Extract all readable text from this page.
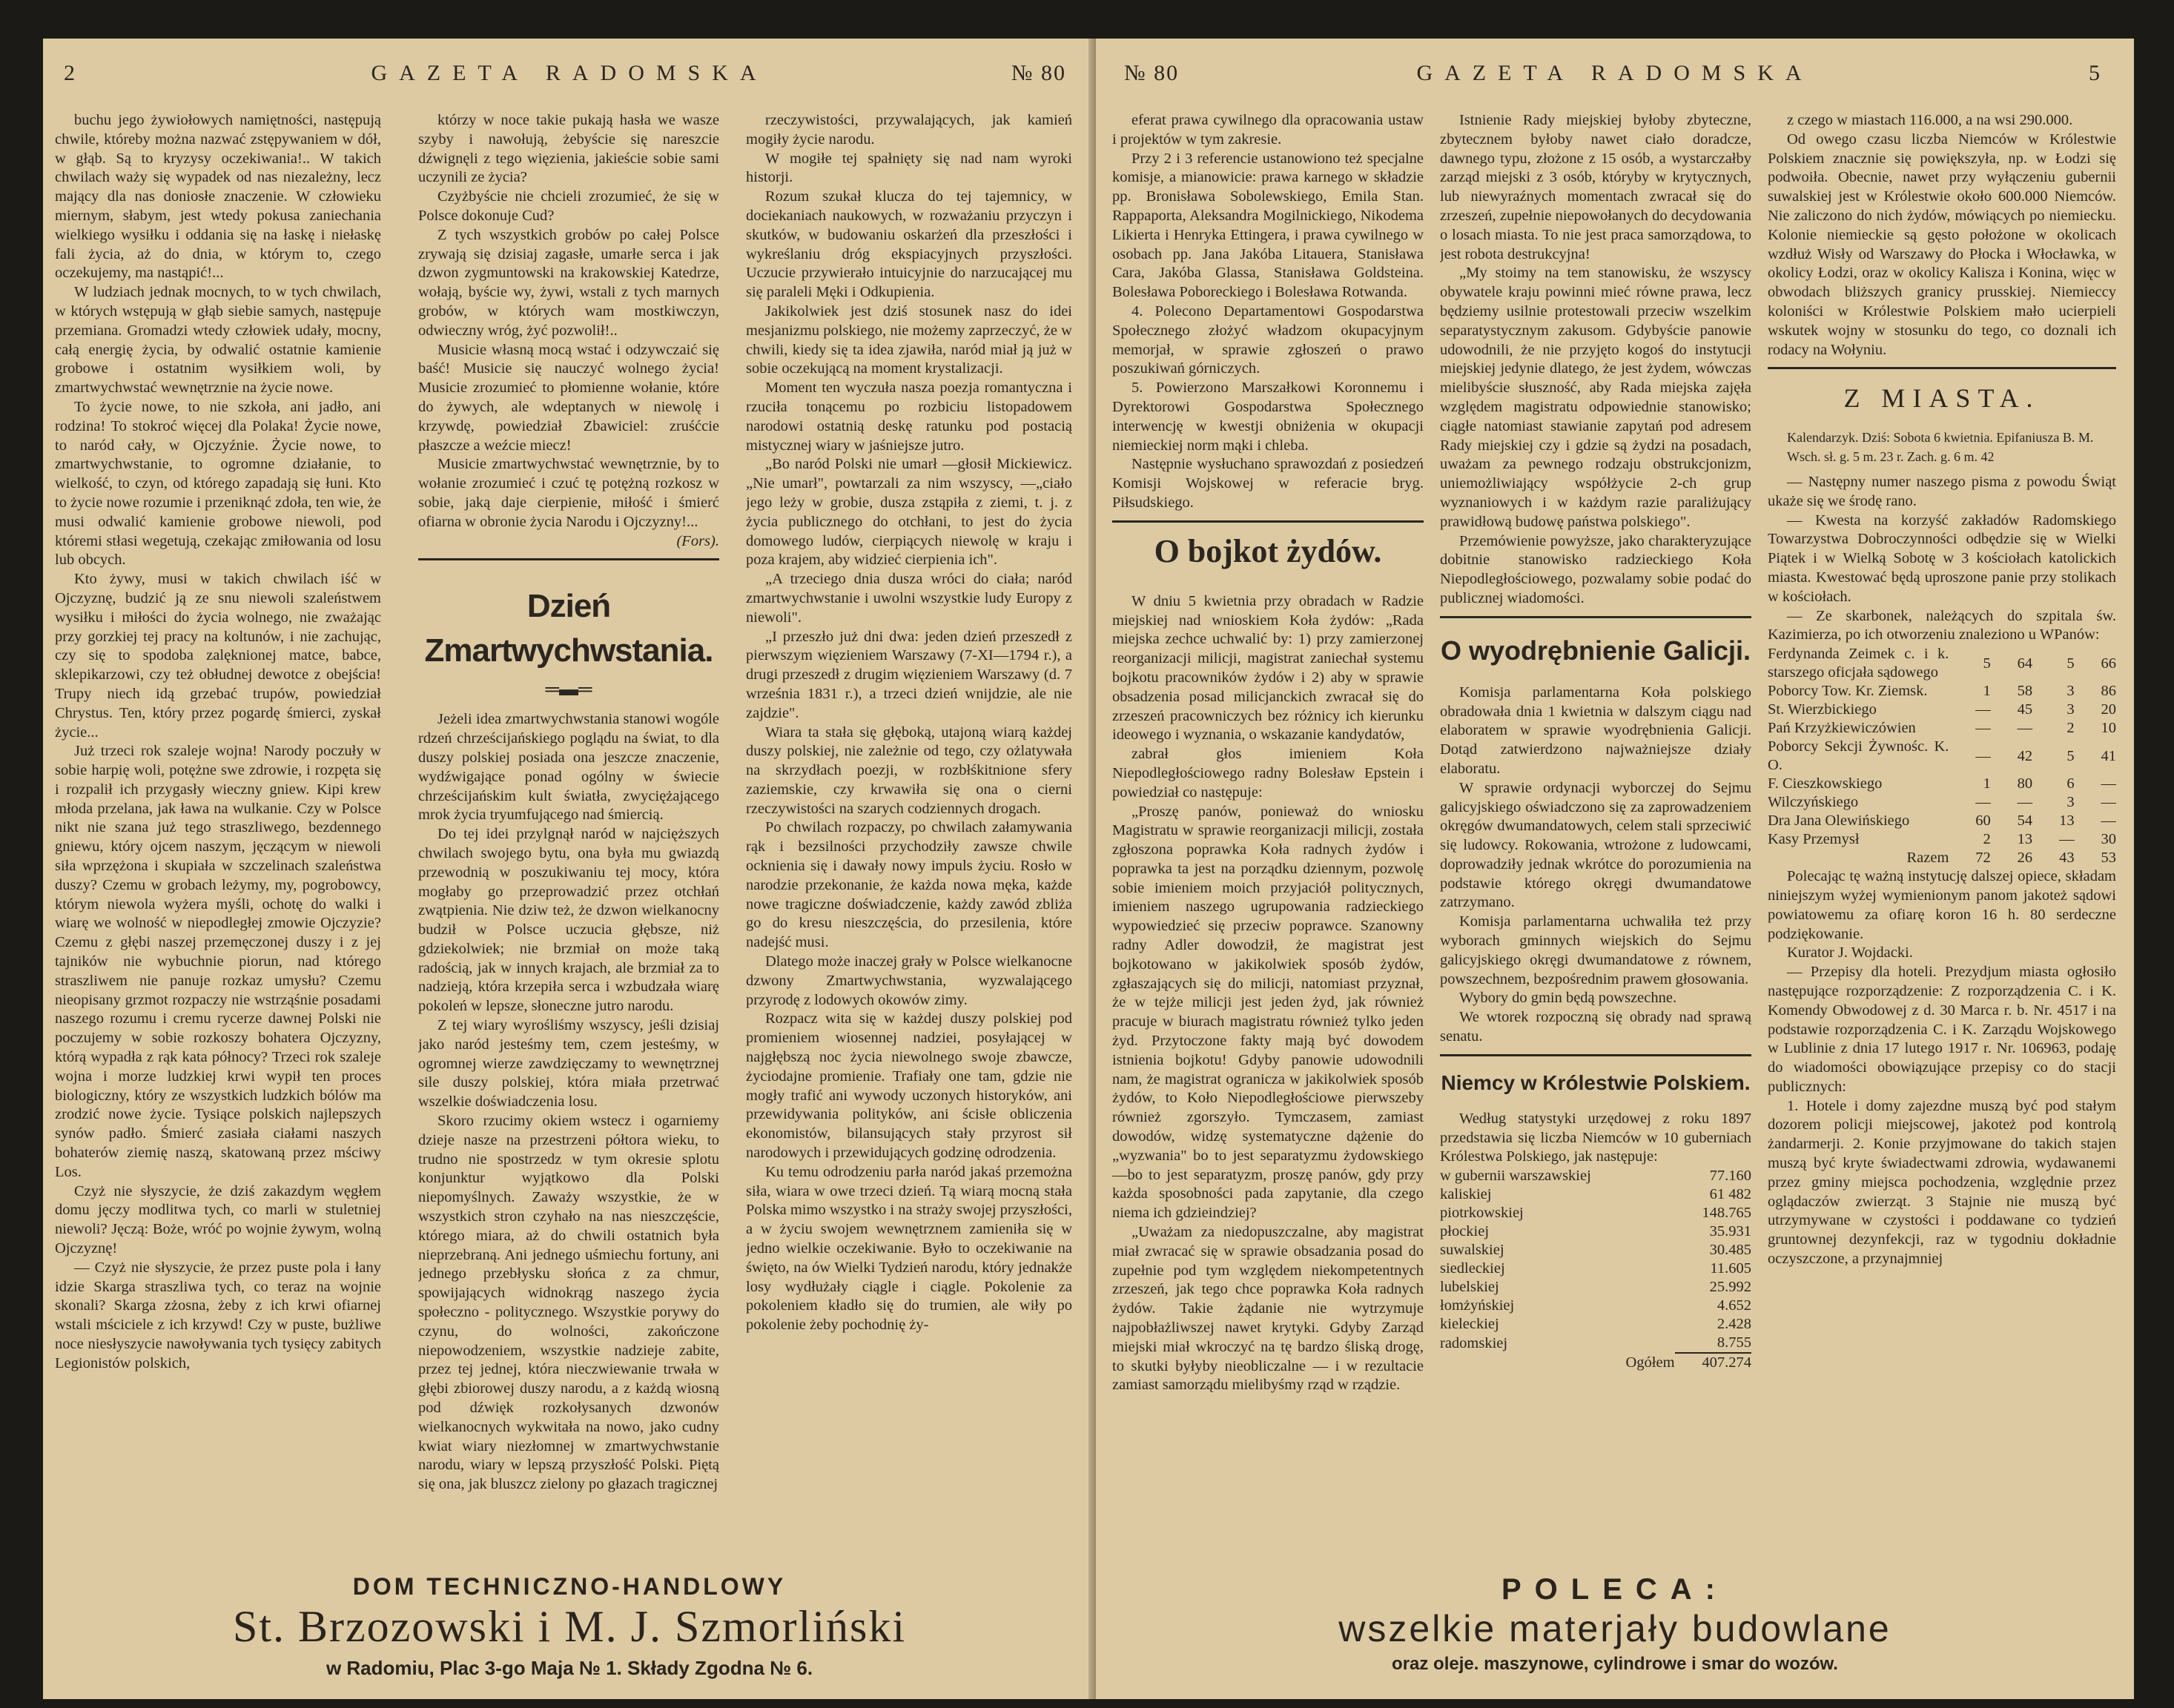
2	GAZETA RADOMSKA	№ 80

buchu jego żywiołowych namiętności, następują chwile, któreby można nazwać zstępywaniem w dół, w głąb. Są to kryzysy oczekiwania!.. W takich chwilach waży się wypadek od nas niezależny, lecz mający dla nas doniosłe znaczenie. W człowieku miernym, słabym, jest wtedy pokusa zaniechania wielkiego wysiłku i oddania się na łaskę i niełaskę fali życia, aż do dnia, w którym to, czego oczekujemy, ma nastąpić!...

W ludziach jednak mocnych, to w tych chwilach, w których wstępują w głąb siebie samych, następuje przemiana. Gromadzi wtedy człowiek udały, mocny, całą energię życia, by odwalić ostatnie kamienie grobowe i ostatnim wysiłkiem woli, by zmartwychwstać wewnętrznie na życie nowe.

To życie nowe, to nie szkoła, ani jadło, ani rodzina! To stokroć więcej dla Polaka! Życie nowe, to naród cały, w Ojczyźnie. Życie nowe, to zmartwychwstanie, to ogromne działanie, to wielkość, to czyn, od którego zapadają się łuni. Kto to życie nowe rozumie i przeniknąć zdoła, ten wie, że musi odwalić kamienie grobowe niewoli, pod któremi stłasi wegetują, czekając zmiłowania od losu lub obcych.

Kto żywy, musi w takich chwilach iść w Ojczyznę, budzić ją ze snu niewoli szaleństwem wysiłku i miłości do życia wolnego, nie zważając przy gorzkiej tej pracy na koltunów, i nie zachując, czy się to spodoba zalęknionej matce, babce, sklepikarzowi, czy też obłudnej dewotce z obejścia! Trupy niech idą grzebać trupów, powiedział Chrystus. Ten, który przez pogardę śmierci, zyskał życie...

Już trzeci rok szaleje wojna! Narody poczuły w sobie harpię woli, potężne swe zdrowie, i rozpęta się i rozpalił ich przygasły wieczny gniew. Kipi krew młoda przelana, jak ława na wulkanie. Czy w Polsce nikt nie szana już tego straszliwego, bezdennego gniewu, który ojcem naszym, jęczącym w niewoli siła wprzężona i skupiała w szczelinach szaleństwa duszy? Czemu w grobach leżymy, my, pogrobowcy, którym niewola wyżera myśli, ochotę do walki i wiarę we wolność w niepodległej zmowie Ojczyzie? Czemu z głębi naszej przemęczonej duszy i z jej tajników nie wybuchnie piorun, nad którego straszliwem nie panuje rozkaz umysłu? Czemu nieopisany grzmot rozpaczy nie wstrząśnie posadami naszego rozumu i cremu rycerze dawnej Polski nie poczujemy w sobie rozkoszy bohatera Ojczyzny, którą wypadła z rąk kata północy? Trzeci rok szaleje wojna i morze ludzkiej krwi wypił ten proces biologiczny, który ze wszystkich ludzkich bólów ma zrodzić nowe życie. Tysiące polskich najlepszych synów padło. Śmierć zasiała ciałami naszych bohaterów ziemię naszą, skatowaną przez mściwy Los.

Czyż nie słyszycie, że dziś zakazdym węgłem domu jęczy modlitwa tych, co marli w stuletniej niewoli? Jęczą: Boże, wróć po wojnie żywym, wolną Ojczyznę!

— Czyż nie słyszycie, że przez puste pola i łany idzie Skarga straszliwa tych, co teraz na wojnie skonali? Skarga zżosna, żeby z ich krwi ofiarnej wstali mściciele z ich krzywd! Czy w puste, bużliwe noce niesłyszycie nawoływania tych tysięcy zabitych Legionistów polskich,

którzy w noce takie pukają hasła we wasze szyby i nawołują, żebyście się nareszcie dźwignęli z tego więzienia, jakieście sobie sami uczynili ze życia?

Czyżbyście nie chcieli zrozumieć, że się w Polsce dokonuje Cud?

Z tych wszystkich grobów po całej Polsce zrywają się dzisiaj zagasłe, umarłe serca i jak dzwon zygmuntowski na krakowskiej Katedrze, wołają, byście wy, żywi, wstali z tych marnych grobów, w których wam mostkiwczyn, odwieczny wróg, żyć pozwolił!..

Musicie własną mocą wstać i odzywczaić się baść! Musicie się nauczyć wolnego życia! Musicie zrozumieć to płomienne wołanie, które do żywych, ale wdeptanych w niewolę i krzywdę, powiedział Zbawiciel: zruśćcie płaszcze a weźcie miecz!

Musicie zmartwychwstać wewnętrznie, by to wołanie zrozumieć i czuć tę potężną rozkosz w sobie, jaką daje cierpienie, miłość i śmierć ofiarna w obronie życia Narodu i Ojczyzny!...

(Fors).
Dzień Zmartwychwstania.
═▬═

Jeżeli idea zmartwychwstania stanowi wogóle rdzeń chrześcijańskiego poglądu na świat, to dla duszy polskiej posiada ona jeszcze znaczenie, wydźwigające ponad ogólny w świecie chrześcijańskim kult światła, zwyciężającego mrok życia tryumfującego nad śmiercią.

Do tej idei przylgnął naród w najcięższych chwilach swojego bytu, ona była mu gwiazdą przewodnią w poszukiwaniu tej mocy, która mogłaby go przeprowadzić przez otchłań zwątpienia. Nie dziw też, że dzwon wielkanocny budził w Polsce uczucia głębsze, niż gdziekolwiek; nie brzmiał on może taką radością, jak w innych krajach, ale brzmiał za to nadzieją, która krzepiła serca i wzbudzała wiarę pokoleń w lepsze, słoneczne jutro narodu.

Z tej wiary wyrośliśmy wszyscy, jeśli dzisiaj jako naród jesteśmy tem, czem jesteśmy, w ogromnej wierze zawdzięczamy to wewnętrznej sile duszy polskiej, która miała przetrwać wszelkie doświadczenia losu.

Skoro rzucimy okiem wstecz i ogarniemy dzieje nasze na przestrzeni półtora wieku, to trudno nie spostrzedz w tym okresie splotu konjunktur wyjątkowo dla Polski niepomyślnych. Zaważy wszystkie, że w wszystkich stron czyhało na nas nieszczęście, którego miara, aż do chwili ostatnich była nieprzebraną. Ani jednego uśmiechu fortuny, ani jednego przebłysku słońca z za chmur, spowijających widnokrąg naszego życia społeczno - politycznego. Wszystkie porywy do czynu, do wolności, zakończone niepowodzeniem, wszystkie nadzieje zabite, przez tej jednej, która nieczwiewanie trwała w głębi zbiorowej duszy narodu, a z każdą wiosną pod dźwięk rozkołysanych dzwonów wielkanocnych wykwitała na nowo, jako cudny kwiat wiary niezłomnej w zmartwychwstanie narodu, wiary w lepszą przyszłość Polski. Piętą się ona, jak bluszcz zielony po głazach tragicznej

rzeczywistości, przywalających, jak kamień mogiły życie narodu.

W mogiłe tej spałnięty się nad nam wyroki historji.

Rozum szukał klucza do tej tajemnicy, w dociekaniach naukowych, w rozważaniu przyczyn i skutków, w budowaniu oskarżeń dla przeszłości i wykreślaniu dróg ekspiacyjnych przyszłości. Uczucie przywierało intuicyjnie do narzucającej mu się paraleli Męki i Odkupienia.

Jakikolwiek jest dziś stosunek nasz do idei mesjanizmu polskiego, nie możemy zaprzeczyć, że w chwili, kiedy się ta idea zjawiła, naród miał ją już w sobie oczekującą na moment krystalizacji.

Moment ten wyczuła nasza poezja romantyczna i rzuciła tonącemu po rozbiciu listopadowem narodowi ostatnią deskę ratunku pod postacią mistycznej wiary w jaśniejsze jutro.

„Bo naród Polski nie umarł —głosił Mickiewicz. „Nie umarł", powtarzali za nim wszyscy, —„ciało jego leży w grobie, dusza zstąpiła z ziemi, t. j. z życia publicznego do otchłani, to jest do życia domowego ludów, cierpiących niewolę w kraju i poza krajem, aby widzieć cierpienia ich".

„A trzeciego dnia dusza wróci do ciała; naród zmartwychwstanie i uwolni wszystkie ludy Europy z niewoli".

„I przeszło już dni dwa: jeden dzień przeszedł z pierwszym więzieniem Warszawy (7-XI—1794 r.), a drugi przeszedł z drugim więzieniem Warszawy (d. 7 września 1831 r.), a trzeci dzień wnijdzie, ale nie zajdzie".

Wiara ta stała się głęboką, utajoną wiarą każdej duszy polskiej, nie zależnie od tego, czy ożlatywała na skrzydłach poezji, w rozbłśkitnione sfery zaziemskie, czy krwawiła się ona o cierni rzeczywistości na szarych codziennych drogach.

Po chwilach rozpaczy, po chwilach załamywania rąk i bezsilności przychodziły zawsze chwile ocknienia się i dawały nowy impuls życiu. Rosło w narodzie przekonanie, że każda nowa męka, każde nowe tragiczne doświadczenie, każdy zawód zbliża go do kresu nieszczęścia, do przesilenia, które nadejść musi.

Dlatego może inaczej grały w Polsce wielkanocne dzwony Zmartwychwstania, wyzwalającego przyrodę z lodowych okowów zimy.

Rozpacz wita się w każdej duszy polskiej pod promieniem wiosennej nadziei, posyłającej w najgłębszą noc życia niewolnego swoje zbawcze, życiodajne promienie. Trafiały one tam, gdzie nie mogły trafić ani wywody uczonych historyków, ani przewidywania polityków, ani ścisłe obliczenia ekonomistów, bilansujących stały przyrost sił narodowych i przewidujących godzinę odrodzenia.

Ku temu odrodzeniu parła naród jakaś przemożna siła, wiara w owe trzeci dzień. Tą wiarą mocną stała Polska mimo wszystko i na straży swojej przyszłości, a w życiu swojem wewnętrznem zamieniła się w jedno wielkie oczekiwanie. Było to oczekiwanie na święto, na ów Wielki Tydzień narodu, który jednakże losy wydłużały ciągle i ciągle. Pokolenie za pokoleniem kładło się do trumien, ale wiły po pokolenie żeby pochodnię ży-

DOM TECHNICZNO-HANDLOWY
St. Brzozowski i M. J. Szmorliński
w Radomiu, Plac 3-go Maja № 1. Składy Zgodna № 6.
№ 80	GAZETA RADOMSKA	5

eferat prawa cywilnego dla opracowania ustaw i projektów w tym zakresie.

Przy 2 i 3 referencie ustanowiono też specjalne komisje, a mianowicie: prawa karnego w składzie pp. Bronisława Sobolewskiego, Emila Stan. Rappaporta, Aleksandra Mogilnickiego, Nikodema Likierta i Henryka Ettingera, i prawa cywilnego w osobach pp. Jana Jakóba Litauera, Stanisława Cara, Jakóba Glassa, Stanisława Goldsteina. Bolesława Poboreckiego i Bolesława Rotwanda.

4. Polecono Departamentowi Gospodarstwa Społecznego złożyć władzom okupacyjnym memorjał, w sprawie zgłoszeń o prawo poszukiwań górniczych.

5. Powierzono Marszałkowi Koronnemu i Dyrektorowi Gospodarstwa Społecznego interwencję w kwestji obniżenia w okupacji niemieckiej norm mąki i chleba.

Następnie wysłuchano sprawozdań z posiedzeń Komisji Wojskowej w referacie bryg. Piłsudskiego.

O bojkot żydów.

W dniu 5 kwietnia przy obradach w Radzie miejskiej nad wnioskiem Koła żydów: „Rada miejska zechce uchwalić by: 1) przy zamierzonej reorganizacji milicji, magistrat zaniechał systemu bojkotu pracowników żydów i 2) aby w sprawie obsadzenia posad milicjanckich zwracał się do zrzeszeń pracowniczych bez różnicy ich kierunku ideowego i wyznania, o wskazanie kandydatów,

zabrał głos imieniem Koła Niepodległościowego radny Bolesław Epstein i powiedział co następuje:

„Proszę panów, ponieważ do wniosku Magistratu w sprawie reorganizacji milicji, została zgłoszona poprawka Koła radnych żydów i poprawka ta jest na porządku dziennym, pozwolę sobie imieniem moich przyjaciół politycznych, imieniem naszego ugrupowania radzieckiego wypowiedzieć się przeciw poprawce. Szanowny radny Adler dowodził, że magistrat jest bojkotowano w jakikolwiek sposób żydów, zgłaszających się do milicji, natomiast przyznał, że w tejże milicji jest jeden żyd, jak również pracuje w biurach magistratu również tylko jeden żyd. Przytoczone fakty mają być dowodem istnienia bojkotu! Gdyby panowie udowodnili nam, że magistrat ogranicza w jakikolwiek sposób żydów, to Koło Niepodległościowe pierwszeby również zgorszyło. Tymczasem, zamiast dowodów, widzę systematyczne dążenie do „wyzwania" bo to jest separatyzmu żydowskiego—bo to jest separatyzm, proszę panów, gdy przy każda sposobności pada zapytanie, dla czego niema ich gdzieindziej?

„Uważam za niedopuszczalne, aby magistrat miał zwracać się w sprawie obsadzania posad do zupełnie pod tym względem niekompetentnych zrzeszeń, jak tego chce poprawka Koła radnych żydów. Takie żądanie nie wytrzymuje najpobłażliwszej nawet krytyki. Gdyby Zarząd miejski miał wkroczyć na tę bardzo śliską drogę, to skutki byłyby nieobliczalne — i w rezultacie zamiast samorządu mielibyśmy rząd w rządzie.

Istnienie Rady miejskiej byłoby zbyteczne, zbytecznem byłoby nawet ciało doradcze, dawnego typu, złożone z 15 osób, a wystarczałby zarząd miejski z 3 osób, któryby w krytycznych, lub niewyraźnych momentach zwracał się do zrzeszeń, zupełnie niepowołanych do decydowania o losach miasta. To nie jest praca samorządowa, to jest robota destrukcyjna!

„My stoimy na tem stanowisku, że wszyscy obywatele kraju powinni mieć równe prawa, lecz będziemy usilnie protestowali przeciw wszelkim separatystycznym zakusom. Gdybyście panowie udowodnili, że nie przyjęto kogoś do instytucji miejskiej jedynie dlatego, że jest żydem, wówczas mielibyście słuszność, aby Rada miejska zajęła względem magistratu odpowiednie stanowisko; ciągłe natomiast stawianie zapytań pod adresem Rady miejskiej czy i gdzie są żydzi na posadach, uważam za pewnego rodzaju obstrukcjonizm, uniemożliwiający współżycie 2-ch grup wyznaniowych i w każdym razie paraliżujący prawidłową budowę państwa polskiego".

Przemówienie powyższe, jako charakteryzujące dobitnie stanowisko radzieckiego Koła Niepodległościowego, pozwalamy sobie podać do publicznej wiadomości.

O wyodrębnienie Galicji.

Komisja parlamentarna Koła polskiego obradowała dnia 1 kwietnia w dalszym ciągu nad elaboratem w sprawie wyodrębnienia Galicji. Dotąd zatwierdzono najważniejsze działy elaboratu.

W sprawie ordynacji wyborczej do Sejmu galicyjskiego oświadczono się za zaprowadzeniem okręgów dwumandatowych, celem stali sprzeciwić się ludowcy. Rokowania, wtrożone z ludowcami, doprowadziły jednak wkrótce do porozumienia na podstawie którego okręgi dwumandatowe zatrzymano.

Komisja parlamentarna uchwaliła też przy wyborach gminnych wiejskich do Sejmu galicyjskiego okręgi dwumandatowe z równem, powszechnem, bezpośrednim prawem głosowania.

Wybory do gmin będą powszechne.

We wtorek rozpoczną się obrady nad sprawą senatu.

Niemcy w Królestwie Polskiem.

Według statystyki urzędowej z roku 1897 przedstawia się liczba Niemców w 10 guberniach Królestwa Polskiego, jak następuje:

w gubernii warszawskiej	77.160
kaliskiej	61 482
piotrkowskiej	148.765
płockiej	35.931
suwalskiej	30.485
siedleckiej	11.605
lubelskiej	25.992
łomżyńskiej	4.652
kieleckiej	2.428
radomskiej	8.755
Ogółem	407.274

z czego w miastach 116.000, a na wsi 290.000.

Od owego czasu liczba Niemców w Królestwie Polskiem znacznie się powiększyła, np. w Łodzi się podwoiła. Obecnie, nawet przy wyłączeniu gubernii suwalskiej jest w Królestwie około 600.000 Niemców. Nie zaliczono do nich żydów, mówiących po niemiecku. Kolonie niemieckie są gęsto położone w okolicach wzdłuż Wisły od Warszawy do Płocka i Włocławka, w okolicy Łodzi, oraz w okolicy Kalisza i Konina, więc w obwodach bliższych granicy prusskiej. Niemieccy koloniści w Królestwie Polskiem mało ucierpieli wskutek wojny w stosunku do tego, co doznali ich rodacy na Wołyniu.

Z MIASTA.

Kalendarzyk. Dziś: Sobota 6 kwietnia. Epifaniusza B. M.

Wsch. sł. g. 5 m. 23 r. Zach. g. 6 m. 42

— Następny numer naszego pisma z powodu Świąt ukaże się we środę rano.

— Kwesta na korzyść zakładów Radomskiego Towarzystwa Dobroczynności odbędzie się w Wielki Piątek i w Wielką Sobotę w 3 kościołach katolickich miasta. Kwestować będą uproszone panie przy stolikach w kościołach.

— Ze skarbonek, należących do szpitala św. Kazimierza, po ich otworzeniu znaleziono u WPanów:

Ferdynanda Zeimek c. i k. starszego oficjała sądowego	5	64	5	66
Poborcy Tow. Kr. Ziemsk.	1	58	3	86
St. Wierzbickiego	—	45	3	20
Pań Krzyżkiewiczówien	—	—	2	10
Poborcy Sekcji Żywnośc. K. O.	—	42	5	41
F. Cieszkowskiego	1	80	6	—
Wilczyńskiego	—	—	3	—
Dra Jana Olewińskiego	60	54	13	—
Kasy Przemysł	2	13	—	30
Razem	72	26	43	53

Polecając tę ważną instytucję dalszej opiece, składam niniejszym wyżej wymienionym panom jakoteż sądowi powiatowemu za ofiarę koron 16 h. 80 serdeczne podziękowanie.

Kurator J. Wojdacki.

— Przepisy dla hoteli. Prezydjum miasta ogłosiło następujące rozporządzenie: Z rozporządzenia C. i K. Komendy Obwodowej z d. 30 Marca r. b. Nr. 4517 i na podstawie rozporządzenia C. i K. Zarządu Wojskowego w Lublinie z dnia 17 lutego 1917 r. Nr. 106963, podaję do wiadomości obowiązujące przepisy co do stacji publicznych:

1. Hotele i domy zajezdne muszą być pod stałym dozorem policji miejscowej, jakoteż pod kontrolą żandarmerji. 2. Konie przyjmowane do takich stajen muszą być kryte świadectwami zdrowia, wydawanemi przez gminy miejsca pochodzenia, względnie przez oglądaczów zwierząt. 3 Stajnie nie muszą być utrzymywane w czystości i poddawane co tydzień gruntownej dezynfekcji, raz w tygodniu dokładnie oczyszczone, a przynajmniej

POLECA:
wszelkie materjały budowlane
oraz oleje. maszynowe, cylindrowe i smar do wozów.
